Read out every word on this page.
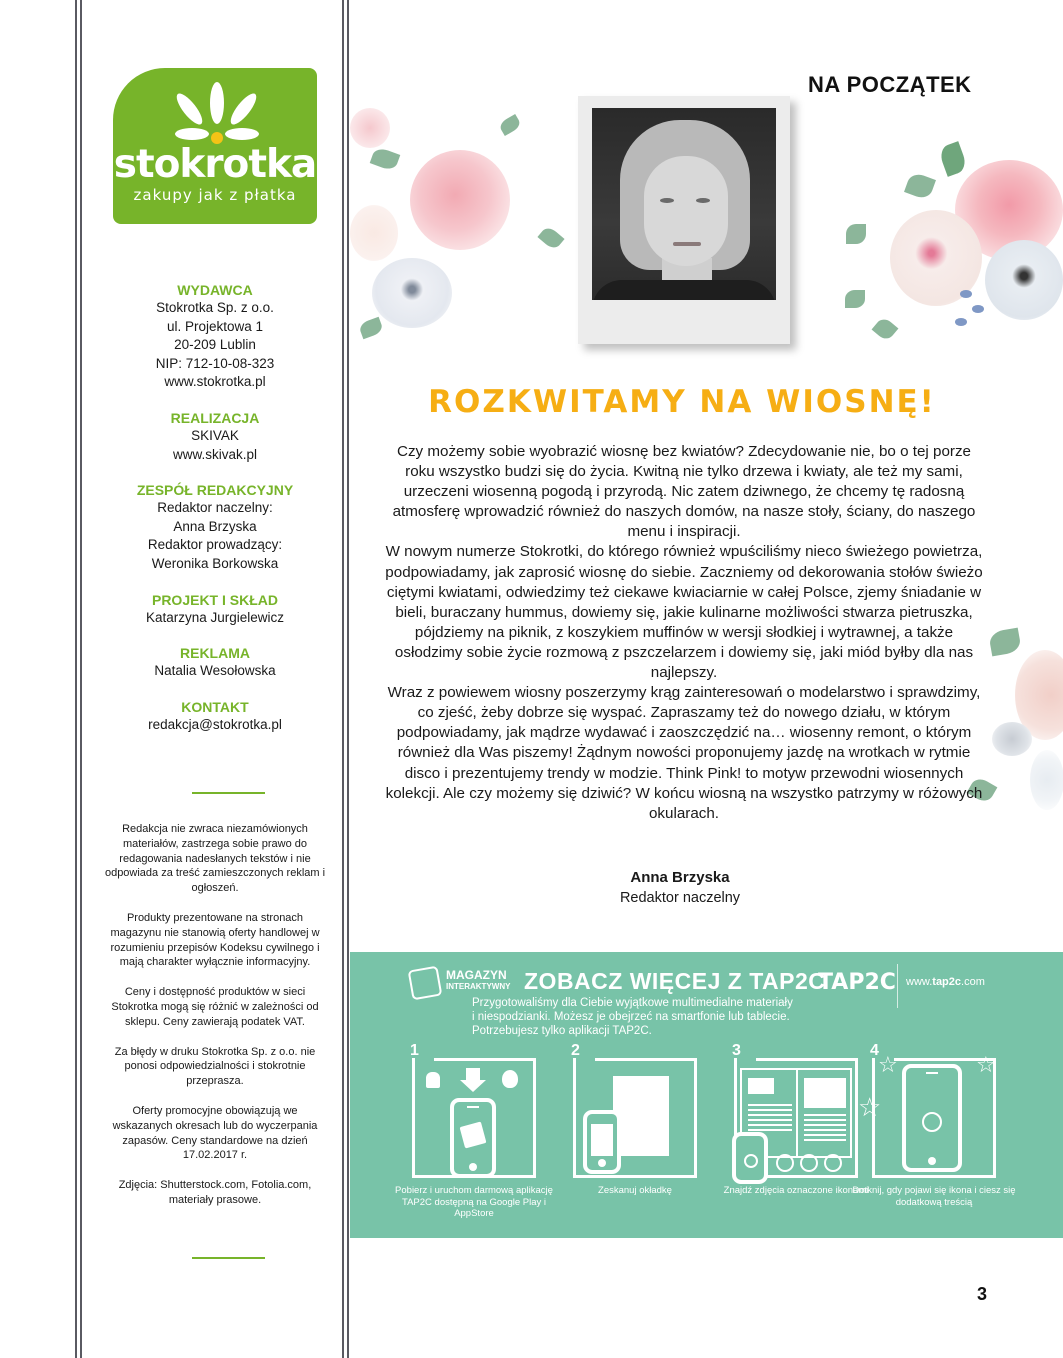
stokrotka
zakupy jak z płatka
WYDAWCA
Stokrotka Sp. z o.o.
ul. Projektowa 1
20-209 Lublin
NIP: 712-10-08-323
www.stokrotka.pl
REALIZACJA
SKIVAK
www.skivak.pl
ZESPÓŁ REDAKCYJNY
Redaktor naczelny:
Anna Brzyska
Redaktor prowadzący:
Weronika Borkowska
PROJEKT I SKŁAD
Katarzyna Jurgielewicz
REKLAMA
Natalia Wesołowska
KONTAKT
redakcja@stokrotka.pl

Redakcja nie zwraca niezamówionych materiałów, zastrzega sobie prawo do redagowania nadesłanych tekstów i nie odpowiada za treść zamieszczonych reklam i ogłoszeń.

Produkty prezentowane na stronach magazynu nie stanowią oferty handlowej w rozumieniu przepisów Kodeksu cywilnego i mają charakter wyłącznie informacyjny.

Ceny i dostępność produktów w sieci Stokrotka mogą się różnić w zależności od sklepu. Ceny zawierają podatek VAT.

Za błędy w druku Stokrotka Sp. z o.o. nie ponosi odpowiedzialności i stokrotnie przeprasza.

Oferty promocyjne obowiązują we wskazanych okresach lub do wyczerpania zapasów. Ceny standardowe na dzień 17.02.2017 r.

Zdjęcia: Shutterstock.com, Fotolia.com, materiały prasowe.

NA POCZĄTEK
ROZKWITAMY NA WIOSNĘ!

Czy możemy sobie wyobrazić wiosnę bez kwiatów? Zdecydowanie nie, bo o tej porze roku wszystko budzi się do życia. Kwitną nie tylko drzewa i kwiaty, ale też my sami, urzeczeni wiosenną pogodą i przyrodą. Nic zatem dziwnego, że chcemy tę radosną atmosferę wprowadzić również do naszych domów, na nasze stoły, ściany, do naszego menu i inspiracji.

W nowym numerze Stokrotki, do którego również wpuściliśmy nieco świeżego powietrza, podpowiadamy, jak zaprosić wiosnę do siebie. Zaczniemy od dekorowania stołów świeżo ciętymi kwiatami, odwiedzimy też ciekawe kwiaciarnie w całej Polsce, zjemy śniadanie w bieli, buraczany hummus, dowiemy się, jakie kulinarne możliwości stwarza pietruszka, pójdziemy na piknik, z koszykiem muffinów w wersji słodkiej i wytrawnej, a także osłodzimy sobie życie rozmową z pszczelarzem i dowiemy się, jaki miód byłby dla nas najlepszy.

Wraz z powiewem wiosny poszerzymy krąg zainteresowań o modelarstwo i sprawdzimy, co zjeść, żeby dobrze się wyspać. Zapraszamy też do nowego działu, w którym podpowiadamy, jak mądrze wydawać i zaoszczędzić na… wiosenny remont, o którym również dla Was piszemy! Żądnym nowości proponujemy jazdę na wrotkach w rytmie disco i prezentujemy trendy w modzie. Think Pink! to motyw przewodni wiosennych kolekcji. Ale czy możemy się dziwić? W końcu wiosną na wszystko patrzymy w różowych okularach.

Anna Brzyska
Redaktor naczelny
MAGAZYN
INTERAKTYWNY ZOBACZ WIĘCEJ Z TAP2C
TAP2C www.tap2c.com
Przygotowaliśmy dla Ciebie wyjątkowe multimedialne materiały
i niespodzianki. Możesz je obejrzeć na smartfonie lub tablecie.
Potrzebujesz tylko aplikacji TAP2C.
1
Pobierz i uruchom darmową aplikację TAP2C dostępną na Google Play i AppStore
2
Zeskanuj okładkę
3
Znajdź zdjęcia oznaczone ikonami
4
☆
☆	☆
Dotknij, gdy pojawi się ikona i ciesz się dodatkową treścią
3
